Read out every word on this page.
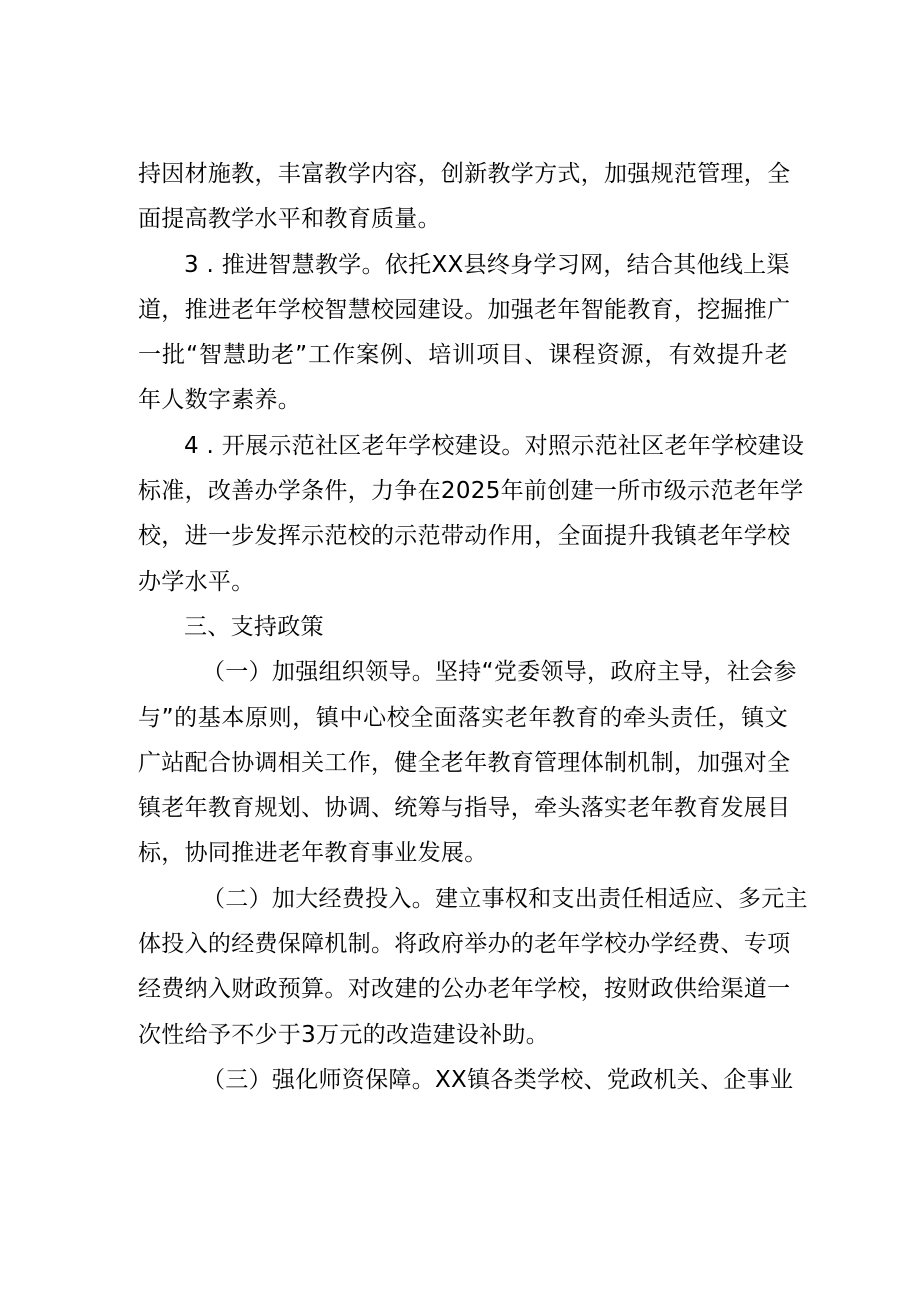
持因材施教，丰富教学内容，创新教学方式，加强规范管理，全
面提高教学水平和教育质量。
3 . 推进智慧教学。依托XX县终身学习网，结合其他线上渠
道，推进老年学校智慧校园建设。加强老年智能教育，挖掘推广
一批“智慧助老”工作案例、培训项目、课程资源，有效提升老
年人数字素养。
4 . 开展示范社区老年学校建设。对照示范社区老年学校建设
标准，改善办学条件，力争在2025年前创建一所市级示范老年学
校，进一步发挥示范校的示范带动作用，全面提升我镇老年学校
办学水平。
三、支持政策
（一）加强组织领导。坚持“党委领导，政府主导，社会参
与”的基本原则，镇中心校全面落实老年教育的牵头责任，镇文
广站配合协调相关工作，健全老年教育管理体制机制，加强对全
镇老年教育规划、协调、统筹与指导，牵头落实老年教育发展目
标，协同推进老年教育事业发展。
（二）加大经费投入。建立事权和支出责任相适应、多元主
体投入的经费保障机制。将政府举办的老年学校办学经费、专项
经费纳入财政预算。对改建的公办老年学校，按财政供给渠道一
次性给予不少于3万元的改造建设补助。
（三）强化师资保障。XX镇各类学校、党政机关、企事业
